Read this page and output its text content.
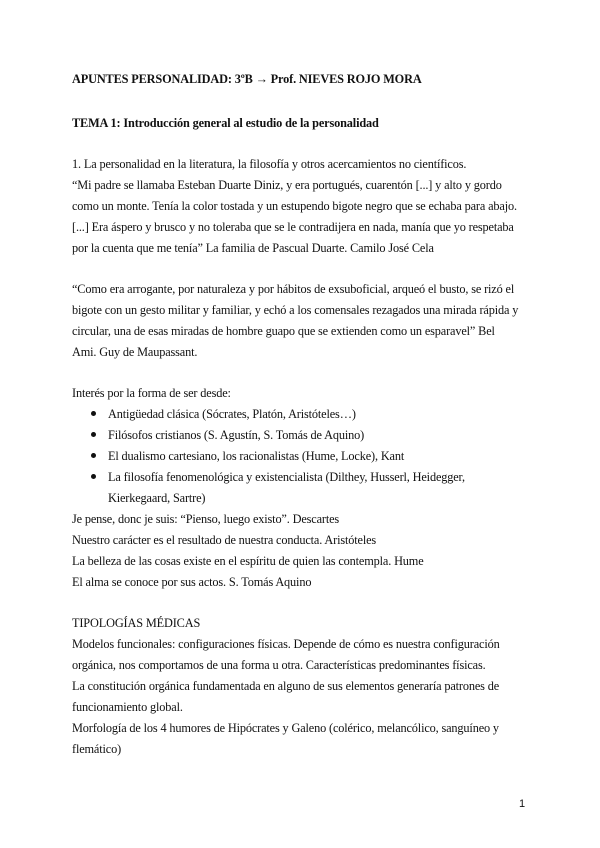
APUNTES PERSONALIDAD: 3ºB → Prof. NIEVES ROJO MORA
TEMA 1: Introducción general al estudio de la personalidad
1. La personalidad en la literatura, la filosofía y otros acercamientos no científicos.
“Mi padre se llamaba Esteban Duarte Diniz, y era portugués, cuarentón [...] y alto y gordo
como un monte. Tenía la color tostada y un estupendo bigote negro que se echaba para abajo.
[...] Era áspero y brusco y no toleraba que se le contradijera en nada, manía que yo respetaba
por la cuenta que me tenía” La familia de Pascual Duarte. Camilo José Cela
“Como era arrogante, por naturaleza y por hábitos de exsuboficial, arqueó el busto, se rizó el
bigote con un gesto militar y familiar, y echó a los comensales rezagados una mirada rápida y
circular, una de esas miradas de hombre guapo que se extienden como un esparavel” Bel
Ami. Guy de Maupassant.
Interés por la forma de ser desde:
Antigüedad clásica (Sócrates, Platón, Aristóteles…)
Filósofos cristianos (S. Agustín, S. Tomás de Aquino)
El dualismo cartesiano, los racionalistas (Hume, Locke), Kant
La filosofía fenomenológica y existencialista (Dilthey, Husserl, Heidegger,
Kierkegaard, Sartre)
Je pense, donc je suis: “Pienso, luego existo”. Descartes
Nuestro carácter es el resultado de nuestra conducta. Aristóteles
La belleza de las cosas existe en el espíritu de quien las contempla. Hume
El alma se conoce por sus actos. S. Tomás Aquino
TIPOLOGÍAS MÉDICAS
Modelos funcionales: configuraciones físicas. Depende de cómo es nuestra configuración
orgánica, nos comportamos de una forma u otra. Características predominantes físicas.
La constitución orgánica fundamentada en alguno de sus elementos generaría patrones de
funcionamiento global.
Morfología de los 4 humores de Hipócrates y Galeno (colérico, melancólico, sanguíneo y
flemático)
1
